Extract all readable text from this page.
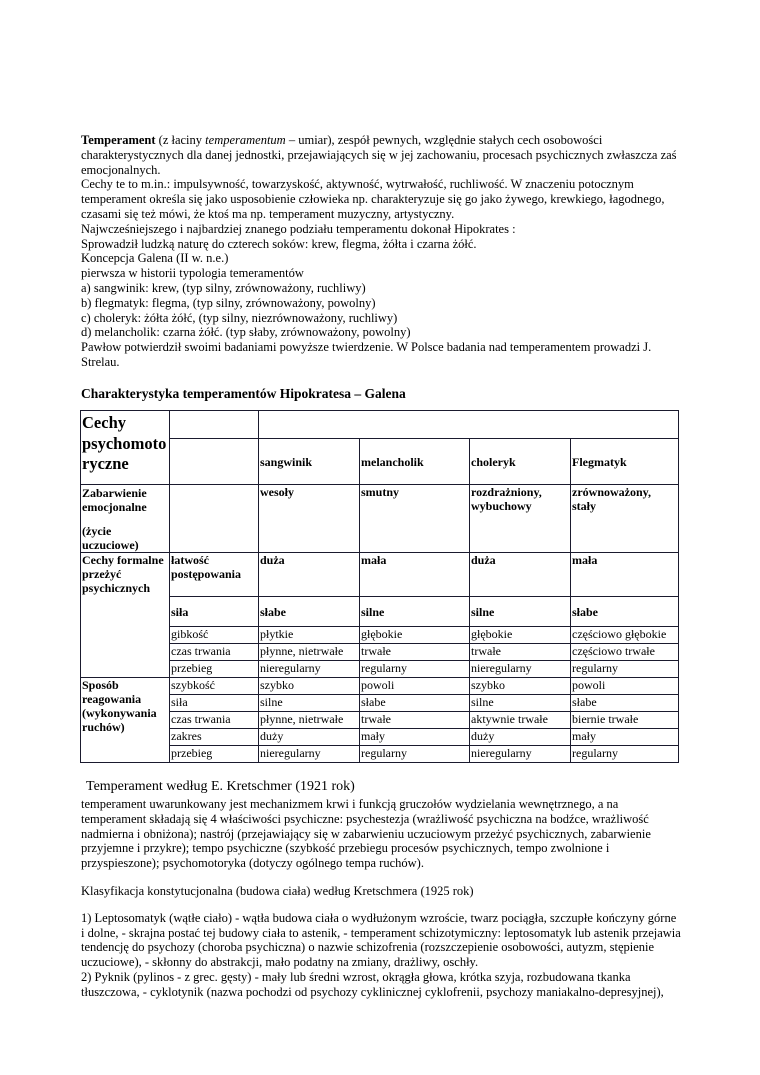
Temperament (z łaciny temperamentum – umiar), zespół pewnych, względnie stałych cech osobowości charakterystycznych dla danej jednostki, przejawiających się w jej zachowaniu, procesach psychicznych zwłaszcza zaś emocjonalnych.

Cechy te to m.in.: impulsywność, towarzyskość, aktywność, wytrwałość, ruchliwość. W znaczeniu potocznym temperament określa się jako usposobienie człowieka np. charakteryzuje się go jako żywego, krewkiego, łagodnego, czasami się też mówi, że ktoś ma np. temperament muzyczny, artystyczny.

Najwcześniejszego i najbardziej znanego podziału temperamentu dokonał Hipokrates :

Sprowadził ludzką naturę do czterech soków: krew, flegma, żółta i czarna żółć.

Koncepcja Galena (II w. n.e.)

pierwsza w historii typologia temeramentów

a) sangwinik: krew, (typ silny, zrównoważony, ruchliwy)

b) flegmatyk: flegma, (typ silny, zrównoważony, powolny)

c) choleryk: żółta żółć, (typ silny, niezrównoważony, ruchliwy)

d) melancholik: czarna żółć. (typ słaby, zrównoważony, powolny)

Pawłow potwierdził swoimi badaniami powyższe twierdzenie. W Polsce badania nad temperamentem prowadzi J. Strelau.

Charakterystyka temperamentów Hipokratesa – Galena

Cechy psychomoto ryczne					
		sangwinik	melancholik	choleryk	Flegmatyk

Zabarwienie emocjonalne
(życie uczuciowe)		wesoły	smutny	rozdrażniony, wybuchowy	zrównoważony, stały
Cechy formalne przeżyć psychicznych	łatwość postępowania	duża	mała	duża	mała
	siła	słabe	silne	silne	słabe
	gibkość	płytkie	głębokie	głębokie	częściowo głębokie
	czas trwania	płynne, nietrwałe	trwałe	trwałe	częściowo trwałe
	przebieg	nieregularny	regularny	nieregularny	regularny
Sposób reagowania (wykonywania ruchów)	szybkość	szybko	powoli	szybko	powoli
	siła	silne	słabe	silne	słabe
	czas trwania	płynne, nietrwałe	trwałe	aktywnie trwałe	biernie trwałe
	zakres	duży	mały	duży	mały
	przebieg	nieregularny	regularny	nieregularny	regularny

Temperament według E. Kretschmer (1921 rok)

temperament uwarunkowany jest mechanizmem krwi i funkcją gruczołów wydzielania wewnętrznego, a na temperament składają się 4 właściwości psychiczne: psychestezja (wrażliwość psychiczna na bodźce, wrażliwość nadmierna i obniżona); nastrój (przejawiający się w zabarwieniu uczuciowym przeżyć psychicznych, zabarwienie przyjemne i przykre); tempo psychiczne (szybkość przebiegu procesów psychicznych, tempo zwolnione i przyspieszone); psychomotoryka (dotyczy ogólnego tempa ruchów).

Klasyfikacja konstytucjonalna (budowa ciała) według Kretschmera (1925 rok)

1) Leptosomatyk (wątłe ciało) - wątła budowa ciała o wydłużonym wzroście, twarz pociągła, szczupłe kończyny górne i dolne, - skrajna postać tej budowy ciała to astenik, - temperament schizotymiczny: leptosomatyk lub astenik przejawia tendencję do psychozy (choroba psychiczna) o nazwie schizofrenia (rozszczepienie osobowości, autyzm, stępienie uczuciowe), - skłonny do abstrakcji, mało podatny na zmiany, drażliwy, oschły.

2) Pyknik (pylinos - z grec. gęsty) - mały lub średni wzrost, okrągła głowa, krótka szyja, rozbudowana tkanka tłuszczowa, - cyklotynik (nazwa pochodzi od psychozy cyklinicznej cyklofrenii, psychozy maniakalno-depresyjnej),
